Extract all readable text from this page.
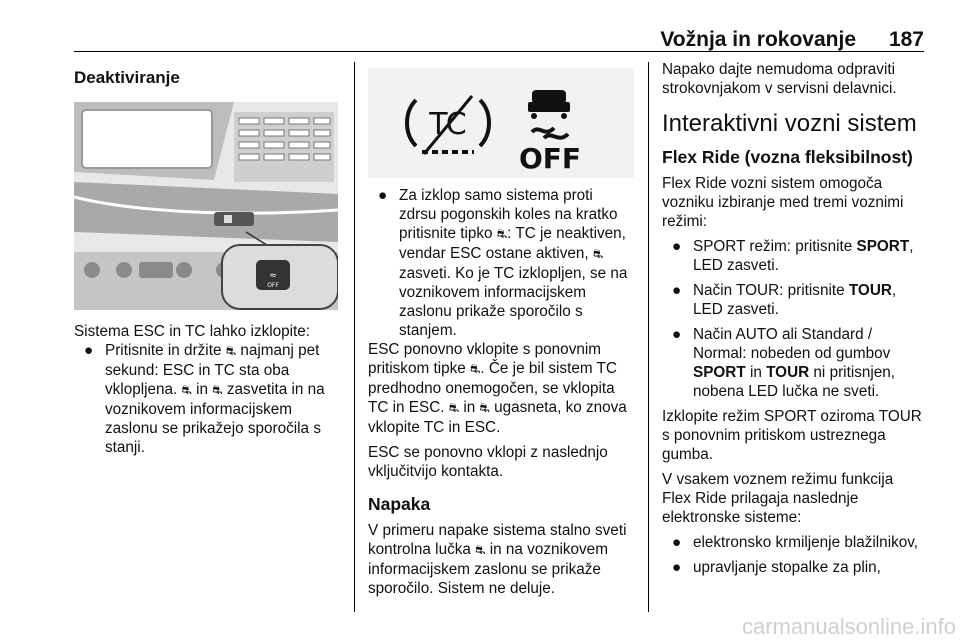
Vožnja in rokovanje 187
Deaktiviranje
≈
OFF

Sistema ESC in TC lahko izklopite:

● Pritisnite in držite ⛐ najmanj pet sekund: ESC in TC sta oba vklopljena. ⛐ in ⛐ zasvetita in na voznikovem informacijskem zaslonu se prikažejo sporočila s stanji.
TC
OFF
● Za izklop samo sistema proti zdrsu pogonskih koles na kratko pritisnite tipko ⛐: TC je neaktiven, vendar ESC ostane aktiven, ⛐ zasveti. Ko je TC izklopljen, se na voznikovem informacijskem zaslonu prikaže sporočilo s stanjem.

ESC ponovno vklopite s ponovnim pritiskom tipke ⛐. Če je bil sistem TC predhodno onemogočen, se vklopita TC in ESC. ⛐ in ⛐ ugasneta, ko znova vklopite TC in ESC.

ESC se ponovno vklopi z naslednjo vključitvijo kontakta.

Napaka

V primeru napake sistema stalno sveti kontrolna lučka ⛐ in na voznikovem informacijskem zaslonu se prikaže sporočilo. Sistem ne deluje.

Napako dajte nemudoma odpraviti strokovnjakom v servisni delavnici.

Interaktivni vozni sistem
Flex Ride (vozna fleksibilnost)

Flex Ride vozni sistem omogoča vozniku izbiranje med tremi voznimi režimi:

● SPORT režim: pritisnite SPORT, LED zasveti.
● Način TOUR: pritisnite TOUR, LED zasveti.
● Način AUTO ali Standard / Normal: nobeden od gumbov SPORT in TOUR ni pritisnjen, nobena LED lučka ne sveti.

Izklopite režim SPORT oziroma TOUR s ponovnim pritiskom ustreznega gumba.

V vsakem voznem režimu funkcija Flex Ride prilagaja naslednje elektronske sisteme:

● elektronsko krmiljenje blažilnikov,
● upravljanje stopalke za plin,
carmanualsonline.info
